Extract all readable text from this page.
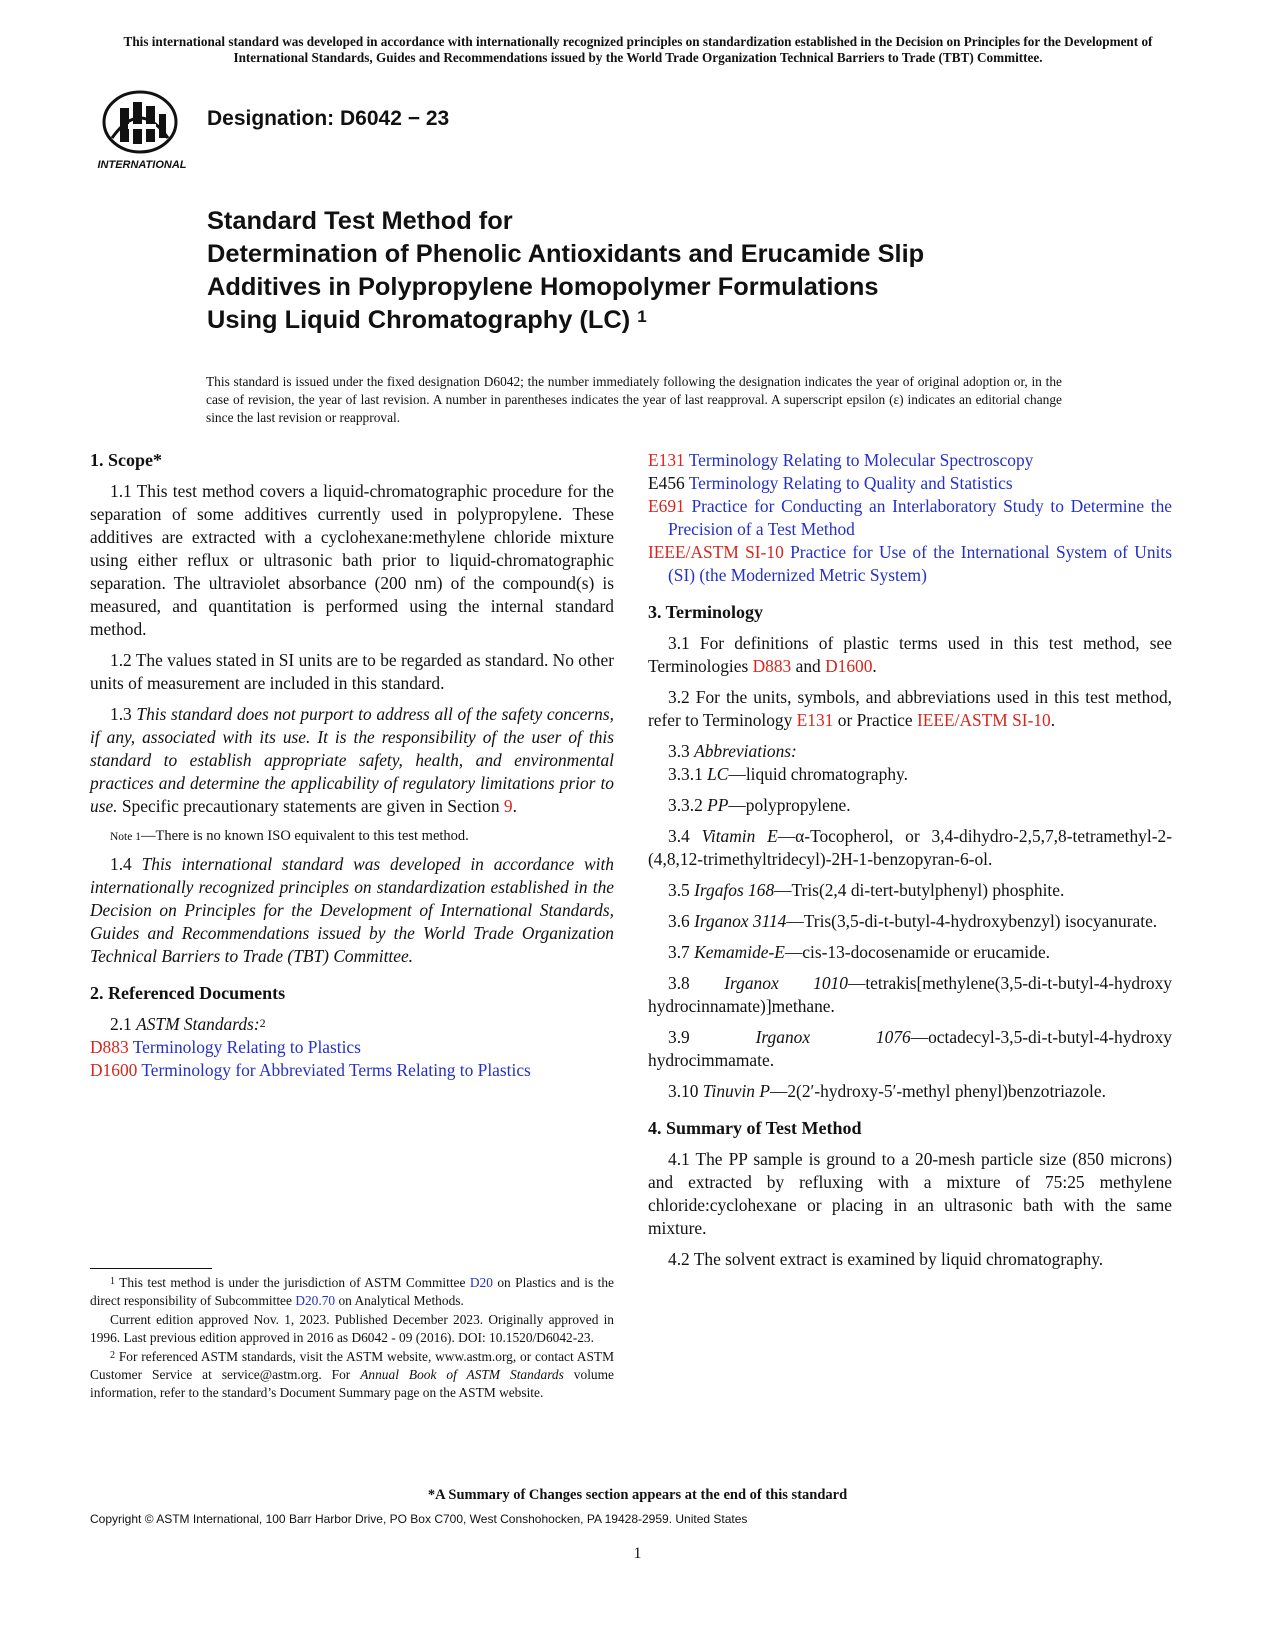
This international standard was developed in accordance with internationally recognized principles on standardization established in the Decision on Principles for the Development of International Standards, Guides and Recommendations issued by the World Trade Organization Technical Barriers to Trade (TBT) Committee.
INTERNATIONAL
Designation: D6042 − 23
Standard Test Method for
Determination of Phenolic Antioxidants and Erucamide Slip
Additives in Polypropylene Homopolymer Formulations
Using Liquid Chromatography (LC) $^1$
This standard is issued under the fixed designation D6042; the number immediately following the designation indicates the year of original adoption or, in the case of revision, the year of last revision. A number in parentheses indicates the year of last reapproval. A superscript epsilon (ε) indicates an editorial change since the last revision or reapproval.
1. Scope*

1.1 This test method covers a liquid-chromatographic procedure for the separation of some additives currently used in polypropylene. These additives are extracted with a cyclohexane:methylene chloride mixture using either reflux or ultrasonic bath prior to liquid-chromatographic separation. The ultraviolet absorbance (200 nm) of the compound(s) is measured, and quantitation is performed using the internal standard method.

1.2 The values stated in SI units are to be regarded as standard. No other units of measurement are included in this standard.

1.3 This standard does not purport to address all of the safety concerns, if any, associated with its use. It is the responsibility of the user of this standard to establish appropriate safety, health, and environmental practices and determine the applicability of regulatory limitations prior to use. Specific precautionary statements are given in Section 9.

Note 1—There is no known ISO equivalent to this test method.

1.4 This international standard was developed in accordance with internationally recognized principles on standardization established in the Decision on Principles for the Development of International Standards, Guides and Recommendations issued by the World Trade Organization Technical Barriers to Trade (TBT) Committee.

2. Referenced Documents

2.1 ASTM Standards:$^2$

D883 Terminology Relating to Plastics
D1600 Terminology for Abbreviated Terms Relating to Plastics

$^1$ This test method is under the jurisdiction of ASTM Committee D20 on Plastics and is the direct responsibility of Subcommittee D20.70 on Analytical Methods.

Current edition approved Nov. 1, 2023. Published December 2023. Originally approved in 1996. Last previous edition approved in 2016 as D6042 - 09 (2016). DOI: 10.1520/D6042-23.

$^2$ For referenced ASTM standards, visit the ASTM website, www.astm.org, or contact ASTM Customer Service at service@astm.org. For Annual Book of ASTM Standards volume information, refer to the standard’s Document Summary page on the ASTM website.

E131 Terminology Relating to Molecular Spectroscopy
E456 Terminology Relating to Quality and Statistics
E691 Practice for Conducting an Interlaboratory Study to Determine the Precision of a Test Method
IEEE/ASTM SI-10 Practice for Use of the International System of Units (SI) (the Modernized Metric System)
3. Terminology

3.1 For definitions of plastic terms used in this test method, see Terminologies D883 and D1600.

3.2 For the units, symbols, and abbreviations used in this test method, refer to Terminology E131 or Practice IEEE/ASTM SI-10.

3.3 Abbreviations:

3.3.1 LC—liquid chromatography.

3.3.2 PP—polypropylene.

3.4 Vitamin E—α-Tocopherol, or 3,4-dihydro-2,5,7,8-tetramethyl-2-(4,8,12-trimethyltridecyl)-2H-1-benzopyran-6-ol.

3.5 Irgafos 168—Tris(2,4 di-tert-butylphenyl) phosphite.

3.6 Irganox 3114—Tris(3,5-di-t-butyl-4-hydroxybenzyl) isocyanurate.

3.7 Kemamide-E—cis-13-docosenamide or erucamide.

3.8 Irganox 1010—tetrakis[methylene(3,5-di-t-butyl-4-hydroxy hydrocinnamate)]methane.

3.9	Irganox 1076—octadecyl-3,5-di-t-butyl-4-hydroxy hydrocimmamate.

3.10 Tinuvin P—2(2′-hydroxy-5′-methyl phenyl)benzotriazole.

4. Summary of Test Method

4.1 The PP sample is ground to a 20-mesh particle size (850 microns) and extracted by refluxing with a mixture of 75:25 methylene chloride:cyclohexane or placing in an ultrasonic bath with the same mixture.

4.2 The solvent extract is examined by liquid chromatography.

*A Summary of Changes section appears at the end of this standard
Copyright © ASTM International, 100 Barr Harbor Drive, PO Box C700, West Conshohocken, PA 19428-2959. United States
1
